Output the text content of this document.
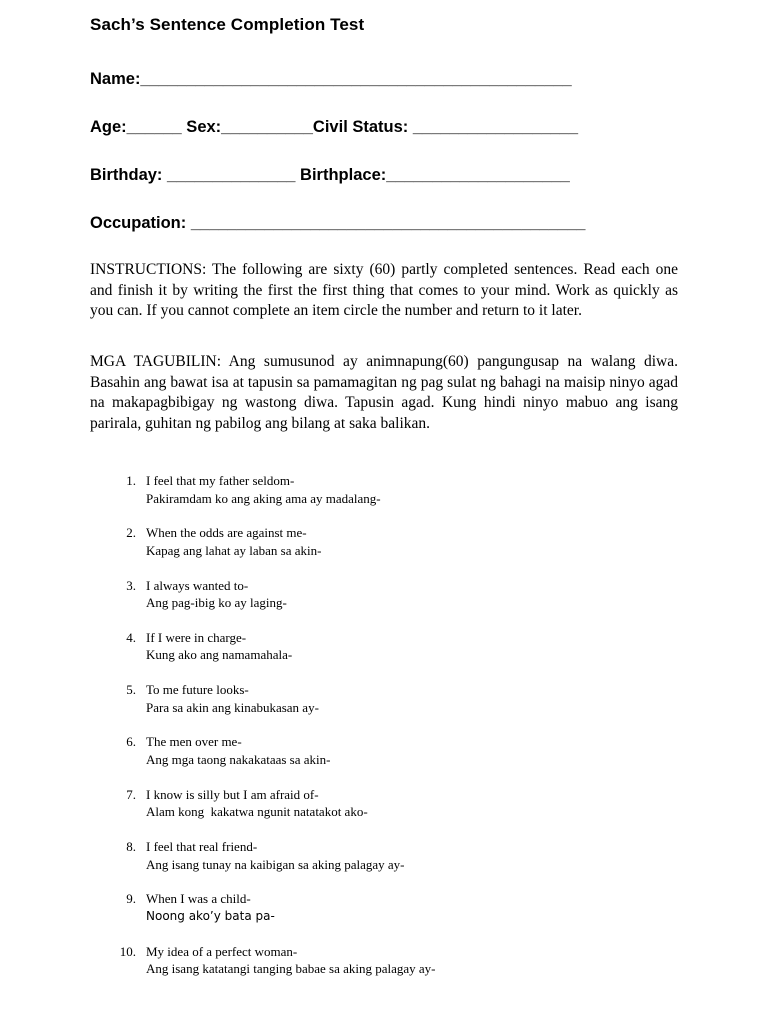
Sach’s Sentence Completion Test
Name:_______________________________________________
Age:______ Sex:__________Civil Status: __________________
Birthday: ______________ Birthplace:____________________
Occupation: ___________________________________________

INSTRUCTIONS: The following are sixty (60) partly completed sentences. Read each one and finish it by writing the first the first thing that comes to your mind. Work as quickly as you can. If you cannot complete an item circle the number and return to it later.

MGA TAGUBILIN: Ang sumusunod ay animnapung(60) pangungusap na walang diwa. Basahin ang bawat isa at tapusin sa pamamagitan ng pag sulat ng bahagi na maisip ninyo agad na makapagbibigay ng wastong diwa. Tapusin agad. Kung hindi ninyo mabuo ang isang parirala, guhitan ng pabilog ang bilang at saka balikan.

1. I feel that my father seldom-
Pakiramdam ko ang aking ama ay madalang-
2. When the odds are against me-
Kapag ang lahat ay laban sa akin-
3. I always wanted to-
Ang pag-ibig ko ay laging-
4. If I were in charge-
Kung ako ang namamahala-
5. To me future looks-
Para sa akin ang kinabukasan ay-
6. The men over me-
Ang mga taong nakakataas sa akin-
7. I know is silly but I am afraid of-
Alam kong  kakatwa ngunit natatakot ako-
8. I feel that real friend-
Ang isang tunay na kaibigan sa aking palagay ay-
9. When I was a child-
Noong ako’y bata pa-
10. My idea of a perfect woman-
Ang isang katatangi tanging babae sa aking palagay ay-
